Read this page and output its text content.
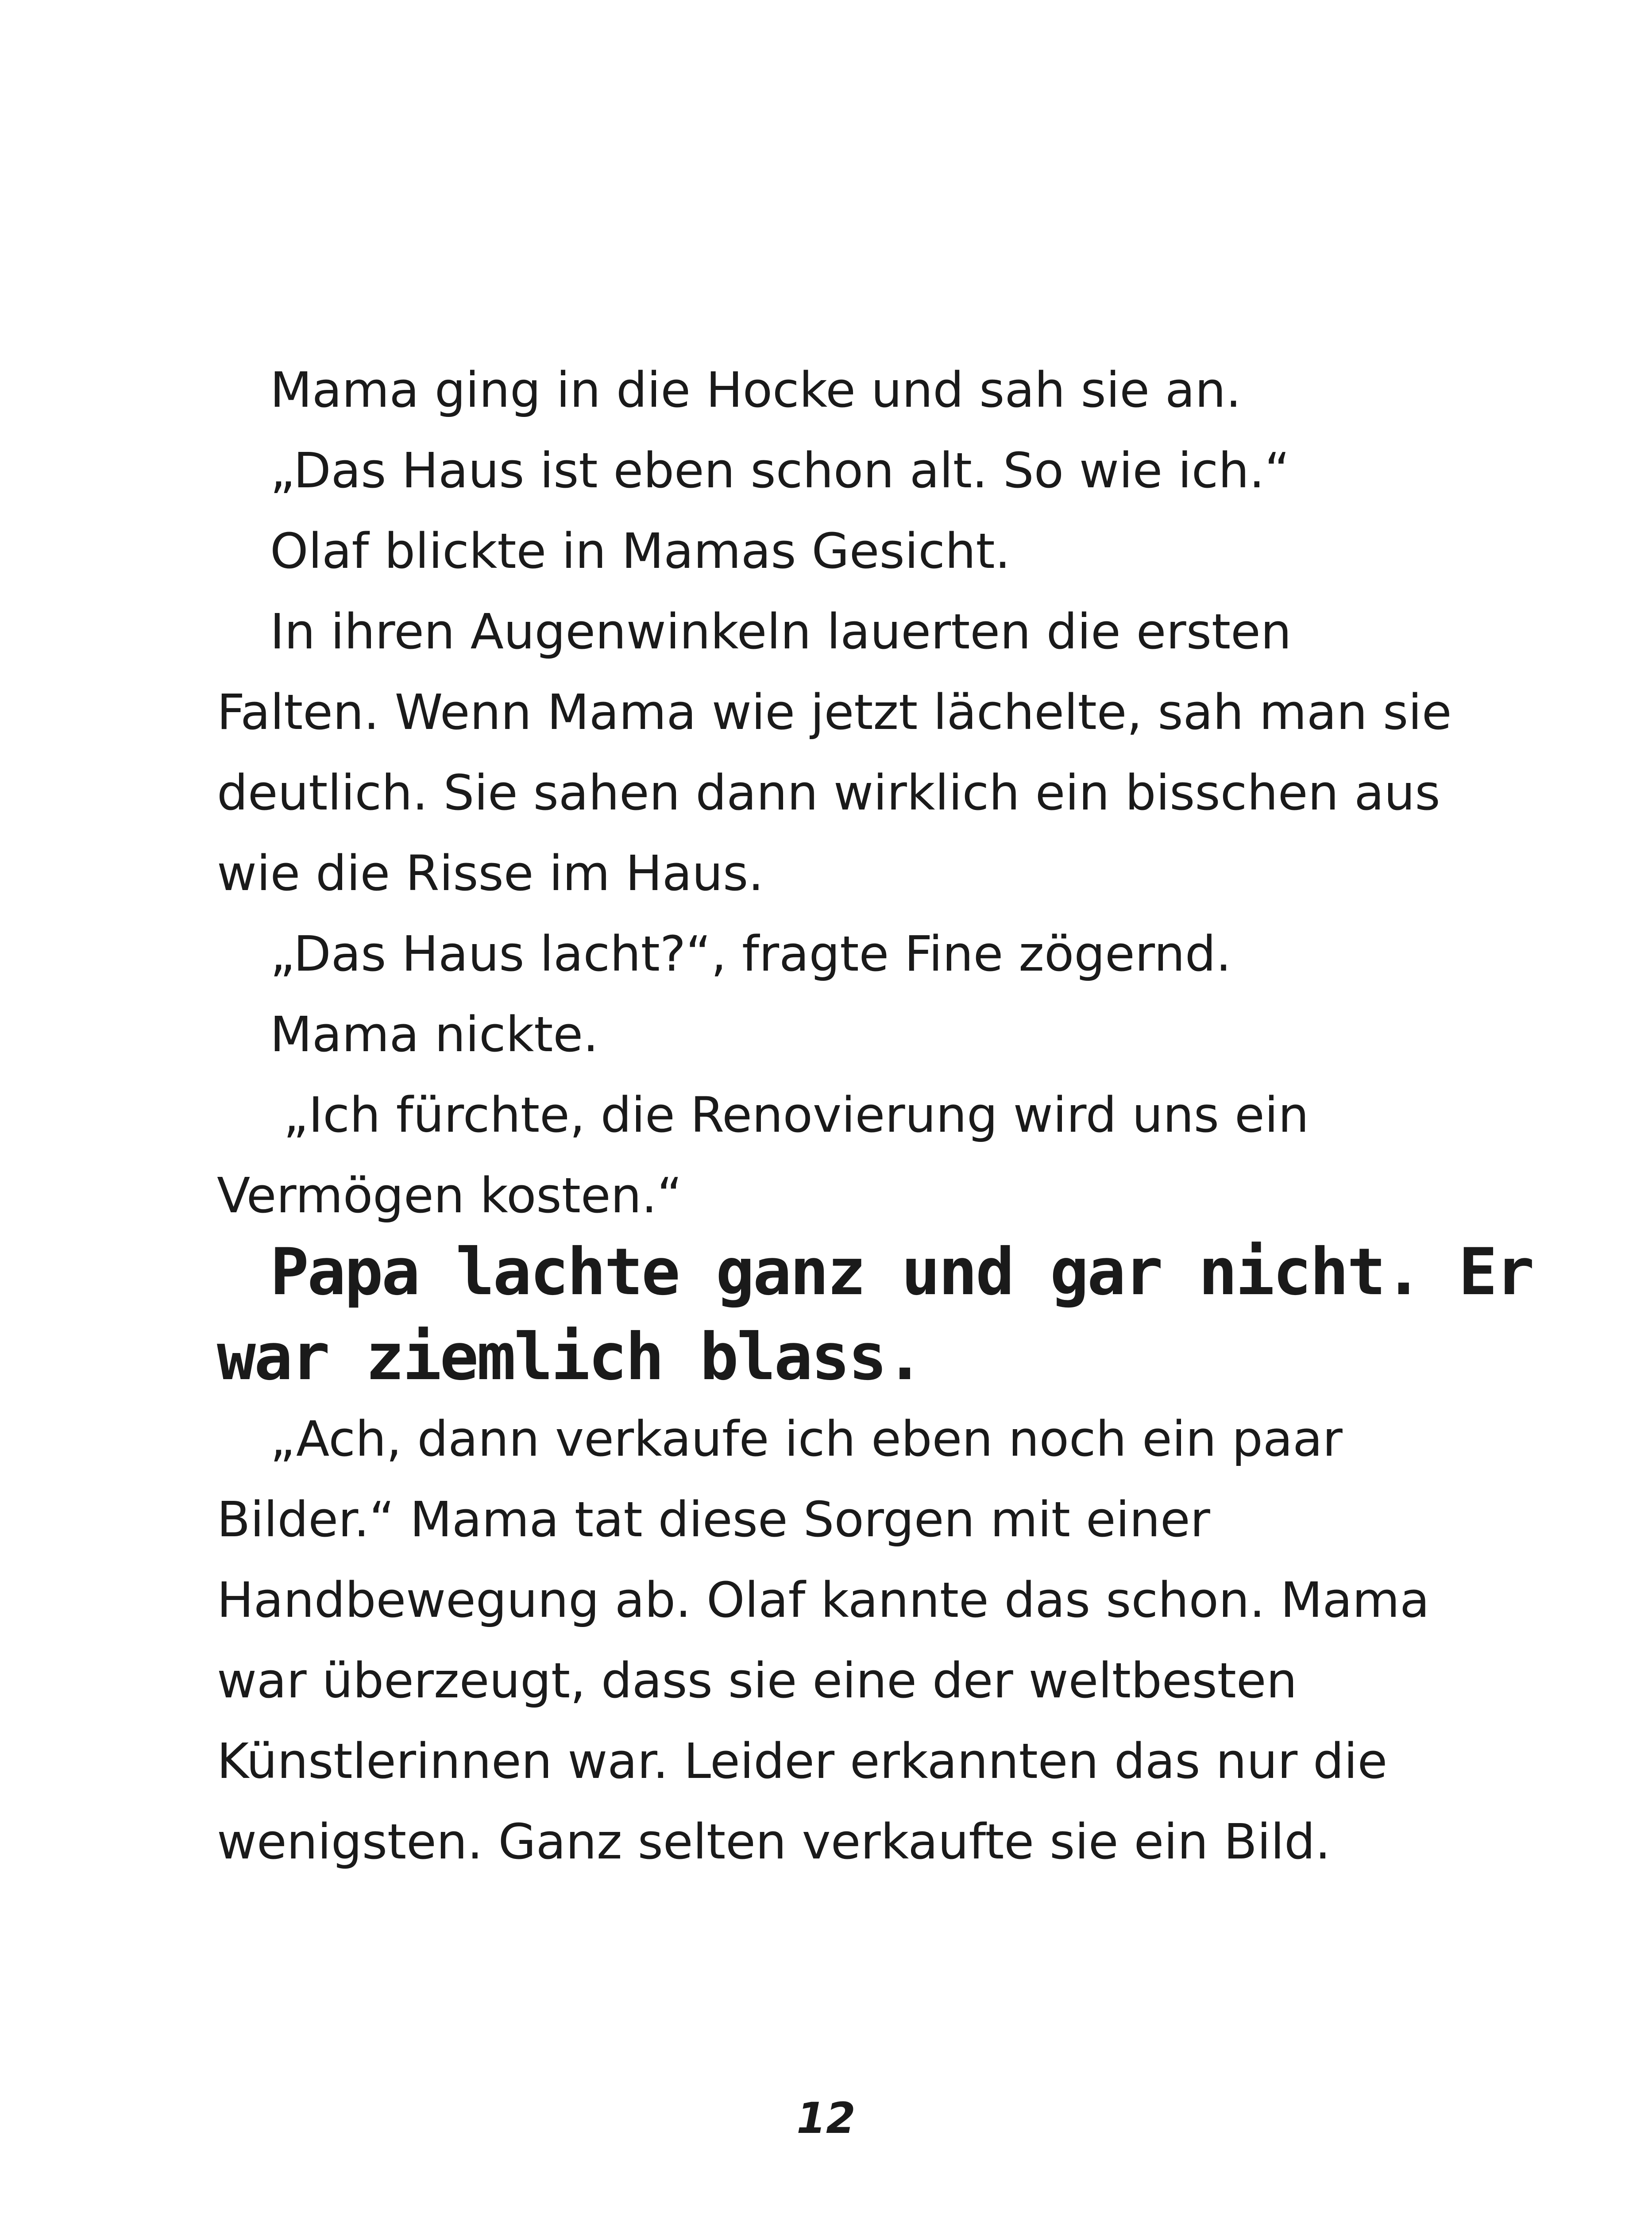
Mama ging in die Hocke und sah sie an.
„Das Haus ist eben schon alt. So wie ich.“
Olaf blickte in Mamas Gesicht.
In ihren Augenwinkeln lauerten die ersten
Falten. Wenn Mama wie jetzt lächelte, sah man sie
deutlich. Sie sahen dann wirklich ein bisschen aus
wie die Risse im Haus.
„Das Haus lacht?“, fragte Fine zögernd.
Mama nickte.
„Ich fürchte, die Renovierung wird uns ein
Vermögen kosten.“
Papa lachte ganz und gar nicht. Er
war ziemlich blass.
„Ach, dann verkaufe ich eben noch ein paar
Bilder.“ Mama tat diese Sorgen mit einer
Handbewegung ab. Olaf kannte das schon. Mama
war überzeugt, dass sie eine der weltbesten
Künstlerinnen war. Leider erkannten das nur die
wenigsten. Ganz selten verkaufte sie ein Bild.
12
